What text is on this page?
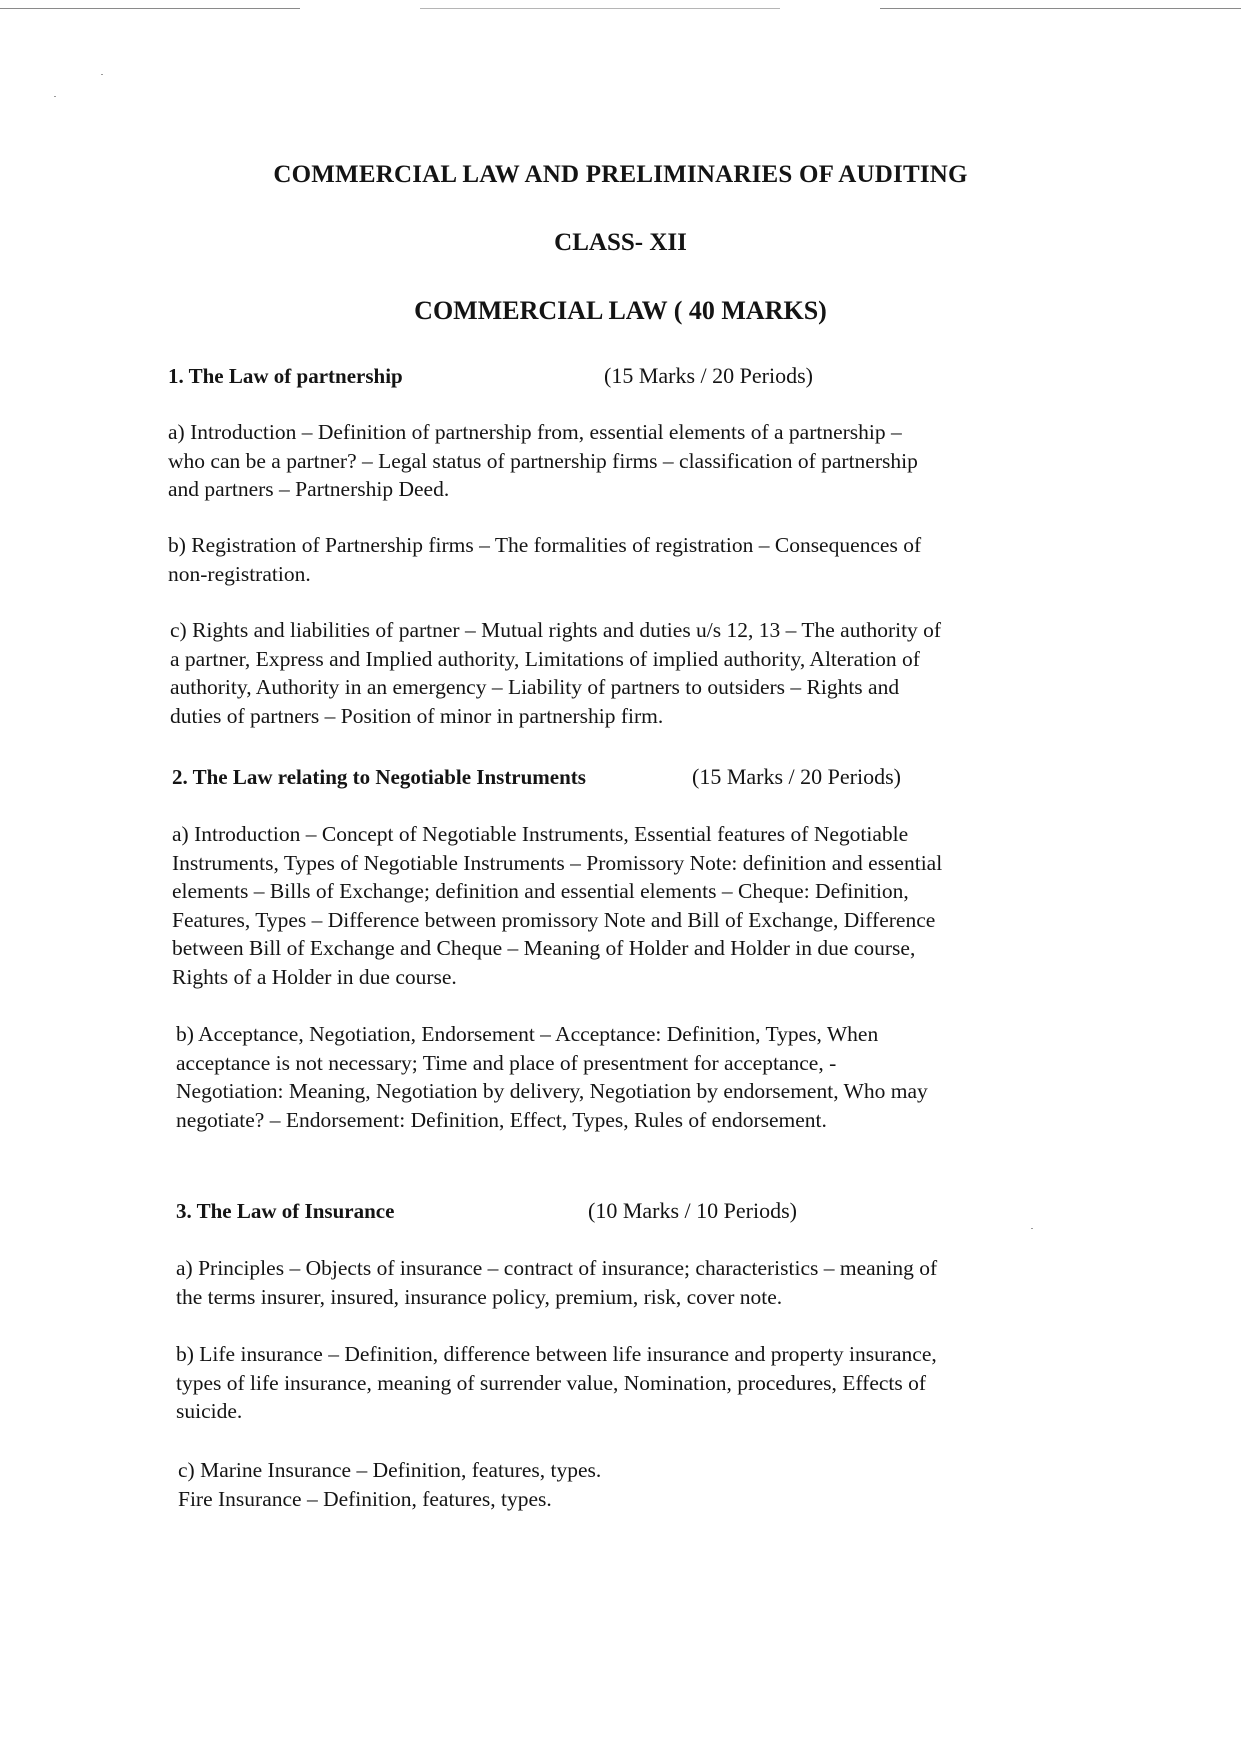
COMMERCIAL LAW AND PRELIMINARIES OF AUDITING
CLASS- XII
COMMERCIAL LAW ( 40 MARKS)
1. The Law of partnership	(15 Marks / 20 Periods)
a) Introduction – Definition of partnership from, essential elements of a partnership –
who can be a partner? – Legal status of partnership firms – classification of partnership
and partners – Partnership Deed.
b) Registration of Partnership firms – The formalities of registration – Consequences of
non-registration.
c) Rights and liabilities of partner – Mutual rights and duties u/s 12, 13 – The authority of
a partner, Express and Implied authority, Limitations of implied authority, Alteration of
authority, Authority in an emergency – Liability of partners to outsiders – Rights and
duties of partners – Position of minor in partnership firm.
2. The Law relating to Negotiable Instruments	(15 Marks / 20 Periods)
a) Introduction – Concept of Negotiable Instruments, Essential features of Negotiable
Instruments, Types of Negotiable Instruments – Promissory Note: definition and essential
elements – Bills of Exchange; definition and essential elements – Cheque: Definition,
Features, Types – Difference between promissory Note and Bill of Exchange, Difference
between Bill of Exchange and Cheque – Meaning of Holder and Holder in due course,
Rights of a Holder in due course.
b) Acceptance, Negotiation, Endorsement – Acceptance: Definition, Types, When
acceptance is not necessary; Time and place of presentment for acceptance, -
Negotiation: Meaning, Negotiation by delivery, Negotiation by endorsement, Who may
negotiate? – Endorsement: Definition, Effect, Types, Rules of endorsement.
3. The Law of Insurance	(10 Marks / 10 Periods)
a) Principles – Objects of insurance – contract of insurance; characteristics – meaning of
the terms insurer, insured, insurance policy, premium, risk, cover note.
b) Life insurance – Definition, difference between life insurance and property insurance,
types of life insurance, meaning of surrender value, Nomination, procedures, Effects of
suicide.
c) Marine Insurance – Definition, features, types.
Fire Insurance – Definition, features, types.
